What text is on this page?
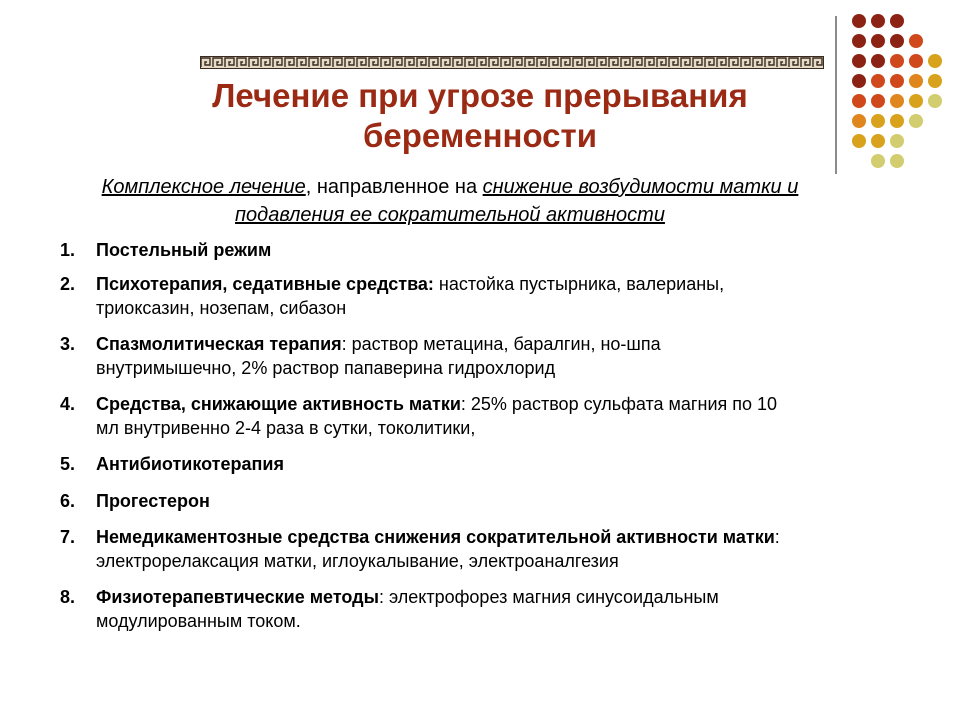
Лечение при угрозе прерывания беременности
Комплексное лечение, направленное на снижение возбудимости матки и подавления ее сократительной активности
1. Постельный режим
2. Психотерапия, седативные средства: настойка пустырника, валерианы, триоксазин, нозепам, сибазон
3. Спазмолитическая терапия: раствор метацина, баралгин, но-шпа внутримышечно, 2% раствор папаверина гидрохлорид
4. Средства, снижающие активность матки: 25% раствор сульфата магния по 10 мл внутривенно 2-4 раза в сутки, токолитики,
5. Антибиотикотерапия
6. Прогестерон
7. Немедикаментозные средства снижения сократительной активности матки: электрорелаксация матки, иглоукалывание, электроаналгезия
8. Физиотерапевтические методы: электрофорез магния синусоидальным модулированным током.
